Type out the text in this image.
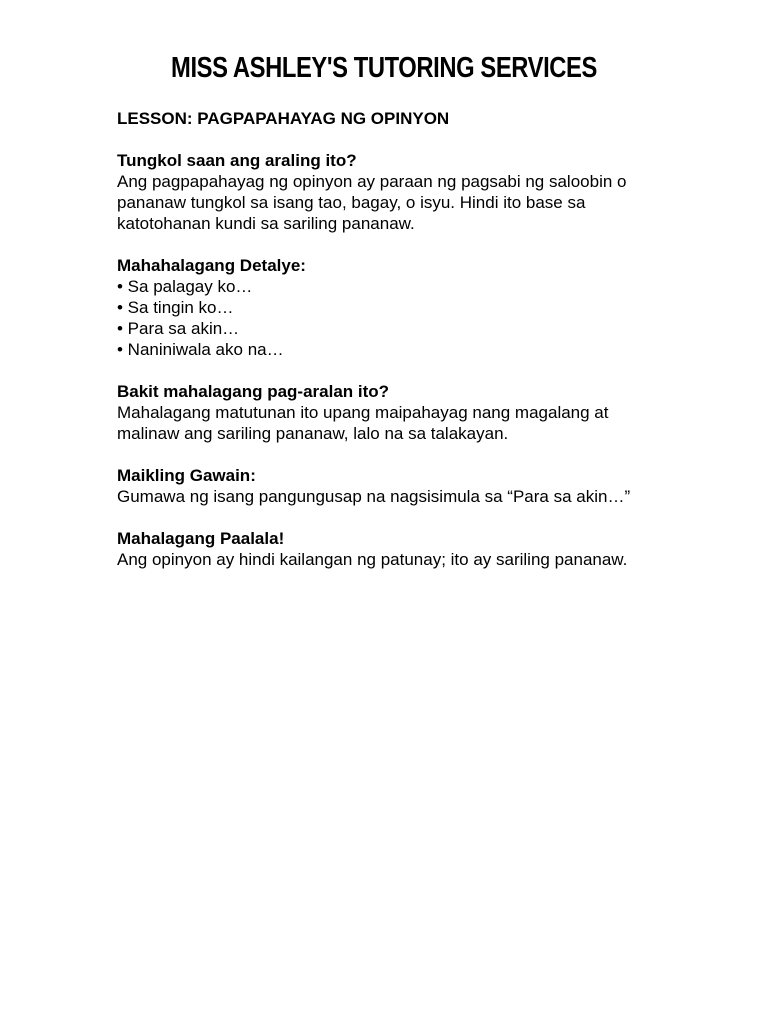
MISS ASHLEY'S TUTORING SERVICES
LESSON: PAGPAPAHAYAG NG OPINYON
Tungkol saan ang araling ito?

Ang pagpapahayag ng opinyon ay paraan ng pagsabi ng saloobin o pananaw tungkol sa isang tao, bagay, o isyu. Hindi ito base sa katotohanan kundi sa sariling pananaw.

Mahahalagang Detalye:
• Sa palagay ko…
• Sa tingin ko…
• Para sa akin…
• Naniniwala ako na…
Bakit mahalagang pag-aralan ito?

Mahalagang matutunan ito upang maipahayag nang magalang at malinaw ang sariling pananaw, lalo na sa talakayan.

Maikling Gawain:

Gumawa ng isang pangungusap na nagsisimula sa “Para sa akin…”

Mahalagang Paalala!

Ang opinyon ay hindi kailangan ng patunay; ito ay sariling pananaw.
